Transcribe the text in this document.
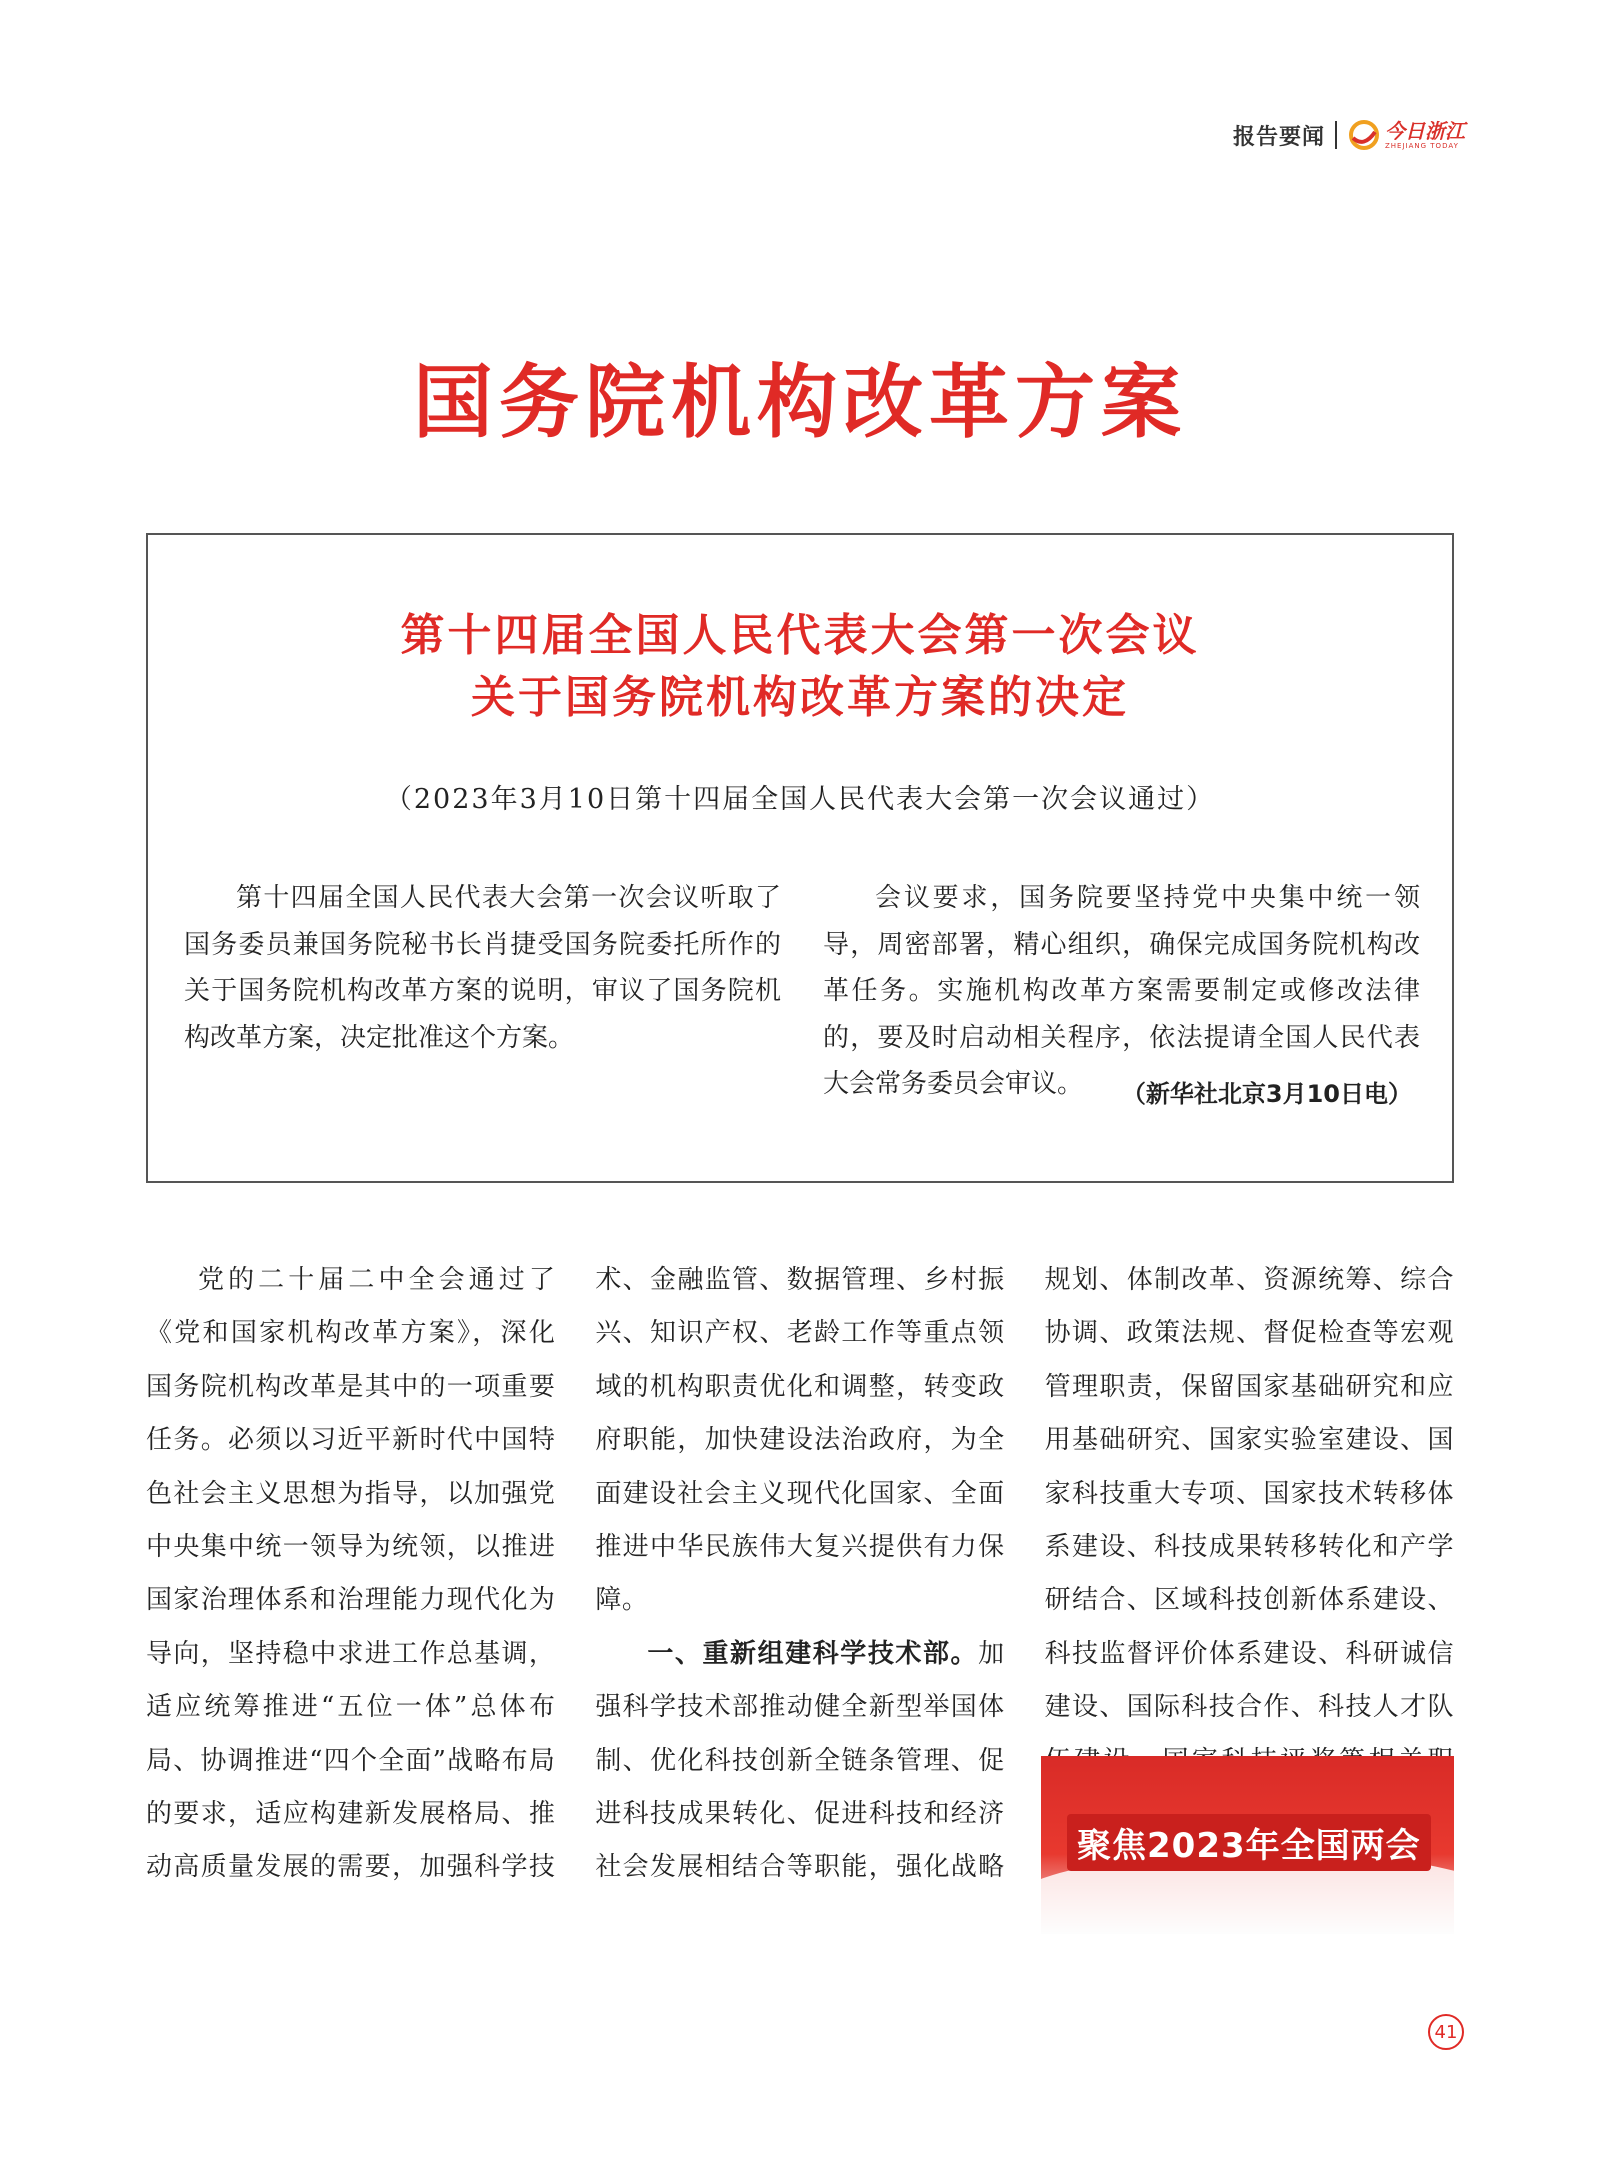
报告要闻	今日浙江
ZHEJIANG TODAY
国务院机构改革方案
第十四届全国人民代表大会第一次会议
关于国务院机构改革方案的决定
（2023年3月10日第十四届全国人民代表大会第一次会议通过）

第十四届全国人民代表大会第一次会议听取了国务委员兼国务院秘书长肖捷受国务院委托所作的关于国务院机构改革方案的说明，审议了国务院机构改革方案，决定批准这个方案。

会议要求，国务院要坚持党中央集中统一领导，周密部署，精心组织，确保完成国务院机构改革任务。实施机构改革方案需要制定或修改法律的，要及时启动相关程序，依法提请全国人民代表大会常务委员会审议。	（新华社北京3月10日电）

党的二十届二中全会通过了《党和国家机构改革方案》，深化国务院机构改革是其中的一项重要任务。必须以习近平新时代中国特色社会主义思想为指导，以加强党中央集中统一领导为统领，以推进国家治理体系和治理能力现代化为导向，坚持稳中求进工作总基调，适应统筹推进“五位一体”总体布局、协调推进“四个全面”战略布局的要求，适应构建新发展格局、推动高质量发展的需要，加强科学技术、金融监管、数据管理、乡村振兴、知识产权、老龄工作等重点领域的机构职责优化和调整，转变政府职能，加快建设法治政府，为全面建设社会主义现代化国家、全面推进中华民族伟大复兴提供有力保障。

一、重新组建科学技术部。加强科学技术部推动健全新型举国体制、优化科技创新全链条管理、促进科技成果转化、促进科技和经济社会发展相结合等职能，强化战略规划、体制改革、资源统筹、综合协调、政策法规、督促检查等宏观管理职责，保留国家基础研究和应用基础研究、国家实验室建设、国家科技重大专项、国家技术转移体系建设、科技成果转移转化和产学研结合、区域科技创新体系建设、科技监督评价体系建设、科研诚信建设、国际科技合作、科技人才队

聚焦2023年全国两会
41
